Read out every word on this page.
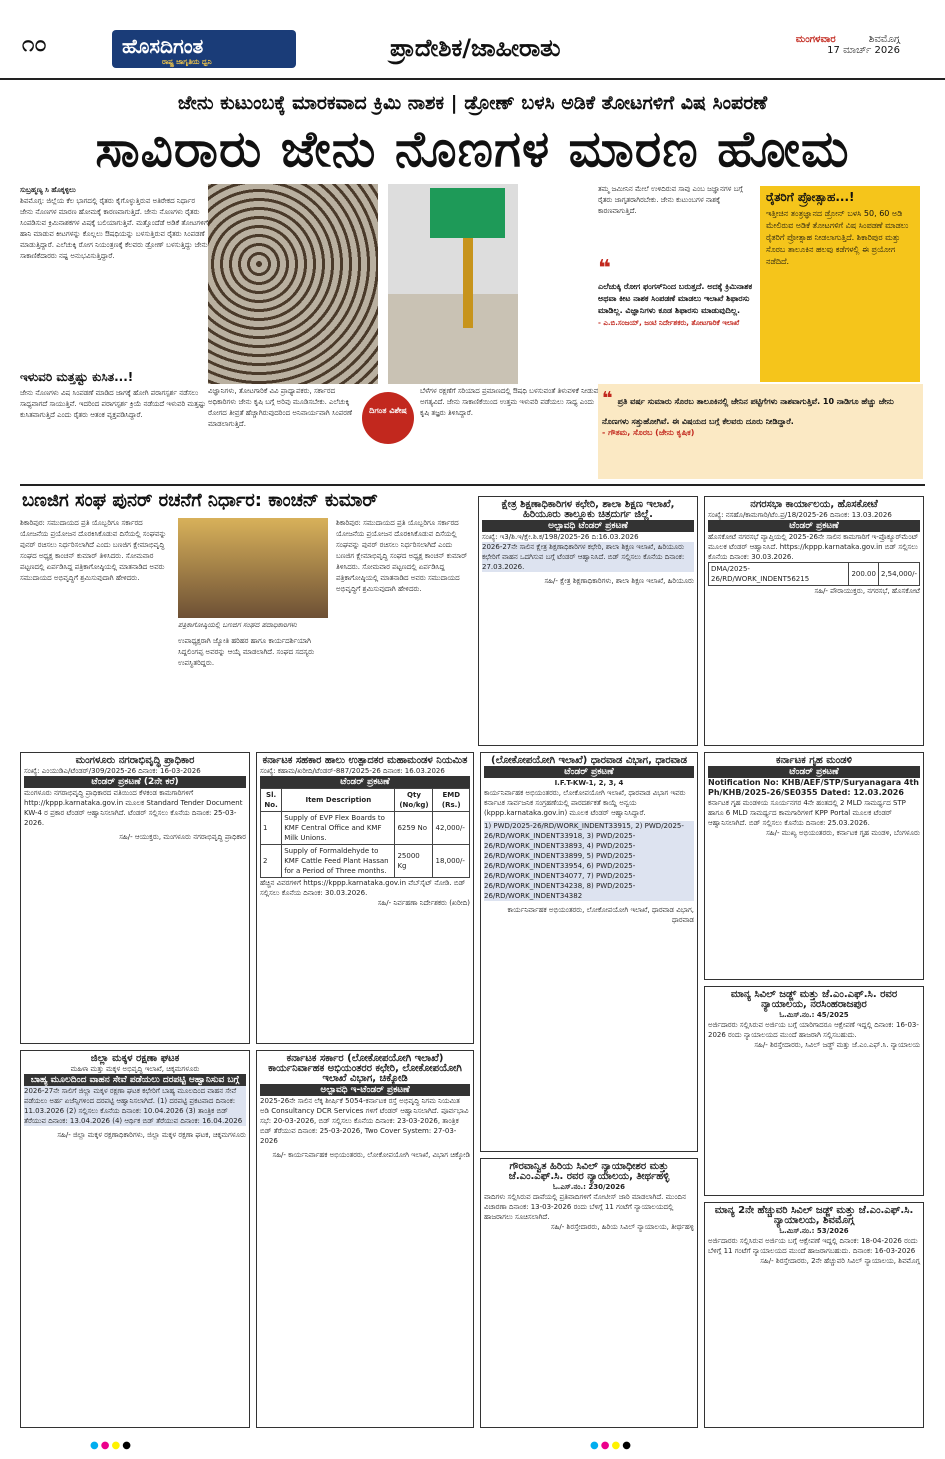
೧೦	ಹೊಸದಿಗಂತ
ರಾಷ್ಟ್ರ ಜಾಗೃತಿಯ ಧ್ವನಿ	ಪ್ರಾದೇಶಿಕ/ಜಾಹೀರಾತು	ಮಂಗಳವಾರ	ಶಿವಮೊಗ್ಗ
17 ಮಾರ್ಚ್ 2026
ಜೇನು ಕುಟುಂಬಕ್ಕೆ ಮಾರಕವಾದ ಕ್ರಿಮಿ ನಾಶಕ | ಡ್ರೋಣ್ ಬಳಸಿ ಅಡಿಕೆ ತೋಟಗಳಿಗೆ ವಿಷ ಸಿಂಪರಣೆ
ಸಾವಿರಾರು ಜೇನು ನೊಣಗಳ ಮಾರಣ ಹೋಮ
ಸುಬ್ರಹ್ಮಣ್ಯ ಸಿ ಹೊಕ್ಕಳ್ಳಿಲು
ಶಿವಮೊಗ್ಗ: ಜಿಲ್ಲೆಯ ಕೆಲ ಭಾಗದಲ್ಲಿ ರೈತರು ಕೈಗೊಳ್ಳುತ್ತಿರುವ ಅತಿರೇಕದ ನಿರ್ಧಾರ ಜೇನು ನೊಣಗಳ ಮಾರಣ ಹೋಮಕ್ಕೆ ಕಾರಣವಾಗುತ್ತಿದೆ. ಜೇನು ನೊಣಗಳು ರೈತರು ಸಿಂಪಡಿಸುವ ಕ್ರಿಮಿನಾಶಕಗಳ ವಿಷಕ್ಕೆ ಬಲಿಯಾಗುತ್ತಿವೆ. ಮತ್ತೊಂದೆಡೆ ಅಡಿಕೆ ತೋಟಗಳಿಗೆ ಹಾನಿ ಮಾಡುವ ಕೀಟಗಳನ್ನು ಕೊಲ್ಲಲು ಔಷಧಿಯನ್ನು ಬಳಸುತ್ತಿರುವ ರೈತರು ಸಿಂಪಡಣೆ ಮಾಡುತ್ತಿದ್ದಾರೆ. ಎಲೆಚುಕ್ಕಿ ರೋಗ ನಿಯಂತ್ರಣಕ್ಕೆ ಕೆಲವರು ಡ್ರೋಣ್ ಬಳಸುತ್ತಿದ್ದು ಜೇನು ಸಾಕಾಣಿಕೆದಾರರು ನಷ್ಟ ಅನುಭವಿಸುತ್ತಿದ್ದಾರೆ.
ಇಳುವರಿ ಮತ್ತಷ್ಟು ಕುಸಿತ...!
ಜೇನು ನೊಣಗಳು ವಿಷ ಸಿಂಪಡಣೆ ಮಾಡಿದ ಜಾಗಕ್ಕೆ ಹೋಗಿ ಪರಾಗಸ್ಪರ್ಶ ನಡೆಸಲು ಸಾಧ್ಯವಾಗದೆ ಸಾಯುತ್ತಿವೆ. ಇದರಿಂದ ಪರಾಗಸ್ಪರ್ಶ ಕ್ರಿಯೆ ನಡೆಯದೆ ಇಳುವರಿ ಮತ್ತಷ್ಟು ಕುಸಿತವಾಗುತ್ತಿದೆ ಎಂದು ರೈತರು ಆತಂಕ ವ್ಯಕ್ತಪಡಿಸಿದ್ದಾರೆ.
ವಿಜ್ಞಾನಿಗಳು, ತೋಟಗಾರಿಕೆ ವಿವಿ ಪ್ರಾಧ್ಯಾಪಕರು, ಸರ್ಕಾರದ ಅಧಿಕಾರಿಗಳು ಜೇನು ಕೃಷಿ ಬಗ್ಗೆ ಅರಿವು ಮೂಡಿಸಬೇಕು. ಎಲೆಚುಕ್ಕಿ ರೋಗದ ತೀವ್ರತೆ ಹೆಚ್ಚಾಗಿರುವುದರಿಂದ ಅನಿವಾರ್ಯವಾಗಿ ಸಿಂಪರಣೆ ಮಾಡಲಾಗುತ್ತಿದೆ.
ದಿಗಂತ ವಿಶೇಷ
ಬೆಳೆಗಳ ರಕ್ಷಣೆಗೆ ಸರಿಯಾದ ಪ್ರಮಾಣದಲ್ಲಿ ಔಷಧಿ ಬಳಸುವಂತೆ ತಿಳುವಳಿಕೆ ನೀಡುವ ಅಗತ್ಯವಿದೆ. ಜೇನು ಸಾಕಾಣಿಕೆಯಿಂದ ಉತ್ತಮ ಇಳುವರಿ ಪಡೆಯಲು ಸಾಧ್ಯ ಎಂದು ಕೃಷಿ ತಜ್ಞರು ತಿಳಿಸಿದ್ದಾರೆ.
ತಮ್ಮ ಜಮೀನಿನ ಮೇಲೆ ಉಳಿದಿರುವ ಸಾವು ಎಂಬ ಜಜ್ಞಾನಗಳ ಬಗ್ಗೆ ರೈತರು ಜಾಗೃತರಾಗಿರಬೇಕು. ಜೇನು ಕುಟುಂಬಗಳ ನಾಶಕ್ಕೆ ಕಾರಣವಾಗುತ್ತಿದೆ.
❝
ಎಲೆಚುಕ್ಕಿ ರೋಗ ಫಂಗಸ್‌ನಿಂದ ಬರುತ್ತದೆ. ಅದಕ್ಕೆ ಕ್ರಿಮಿನಾಶಕ ಅಥವಾ ಕೀಟ ನಾಶಕ ಸಿಂಪಡಣೆ ಮಾಡಲು ಇಲಾಖೆ ಶಿಫಾರಸು ಮಾಡಿಲ್ಲ. ವಿಜ್ಞಾನಿಗಳು ಕೂಡ ಶಿಫಾರಸು ಮಾಡುವುದಿಲ್ಲ.
- ಎ.ಬಿ.ಸಂಜಯ್, ಜಂಟಿ ನಿರ್ದೇಶಕರು, ತೋಟಗಾರಿಕೆ ಇಲಾಖೆ
ರೈತರಿಗೆ ಪ್ರೋತ್ಸಾಹ...!
ಇತ್ತೀಚಿನ ತಂತ್ರಜ್ಞಾನದ ಡ್ರೋನ್ ಬಳಸಿ 50, 60 ಅಡಿ ಮೇಲಿರುವ ಅಡಿಕೆ ತೋಟಗಳಿಗೆ ವಿಷ ಸಿಂಪಡಣೆ ಮಾಡಲು ರೈತರಿಗೆ ಪ್ರೋತ್ಸಾಹ ನೀಡಲಾಗುತ್ತಿದೆ. ಶಿಕಾರಿಪುರ ಮತ್ತು ಸೊರಬ ತಾಲೂಕಿನ ಹಲವು ಕಡೆಗಳಲ್ಲಿ ಈ ಪ್ರಯೋಗ ನಡೆದಿದೆ.
❝ ಪ್ರತಿ ವರ್ಷ ಸುಮಾರು ಸೊರಬ ತಾಲೂಕಿನಲ್ಲಿ ಜೇನಿನ ಪಟ್ಟಿಗೆಗಳು ನಾಶವಾಗುತ್ತಿವೆ. 10 ನಾಡಿಗೂ ಹೆಚ್ಚು ಜೇನು ನೊಣಗಳು ಸತ್ತುಹೋಗಿವೆ. ಈ ವಿಷಯದ ಬಗ್ಗೆ ಕೆಲವರು ದೂರು ನೀಡಿದ್ದಾರೆ.
- ಗೌತಮ, ಸೊರಬ (ಜೇನು ಕೃಷಿಕ)
ಬಣಜಿಗ ಸಂಘ ಪುನರ್ ರಚನೆಗೆ ನಿರ್ಧಾರ: ಕಾಂಚನ್ ಕುಮಾರ್
ಶಿಕಾರಿಪುರ: ಸಮುದಾಯದ ಪ್ರತಿ ಯೊಬ್ಬರಿಗೂ ಸರ್ಕಾರದ ಯೋಜನೆಯ ಪ್ರಯೋಜನ ದೊರಕಿಸಿಕೊಡುವ ದಿಸೆಯಲ್ಲಿ ಸಂಘವನ್ನು ಪುನರ್ ರಚಿಸಲು ನಿರ್ಧರಿಸಲಾಗಿದೆ ಎಂದು ಬಣಜಿಗ ಕ್ಷೇಮಾಭಿವೃದ್ಧಿ ಸಂಘದ ಅಧ್ಯಕ್ಷ ಕಾಂಚನ್ ಕುಮಾರ್ ತಿಳಿಸಿದರು. ಸೋಮವಾರ ಪಟ್ಟಣದಲ್ಲಿ ಏರ್ಪಡಿಸಿದ್ದ ಪತ್ರಿಕಾಗೋಷ್ಠಿಯಲ್ಲಿ ಮಾತನಾಡಿದ ಅವರು ಸಮುದಾಯದ ಅಭಿವೃದ್ಧಿಗೆ ಶ್ರಮಿಸುವುದಾಗಿ ಹೇಳಿದರು.
ಪತ್ರಿಕಾಗೋಷ್ಠಿಯಲ್ಲಿ ಬಣಜಿಗ ಸಂಘದ ಪದಾಧಿಕಾರಿಗಳು
ಉಪಾಧ್ಯಕ್ಷರಾಗಿ ಜ್ಯೋತಿ ಹರಿಹರ ಹಾಗೂ ಕಾರ್ಯದರ್ಶಿಯಾಗಿ ಸಿದ್ದಲಿಂಗಪ್ಪ ಅವರನ್ನು ಆಯ್ಕೆ ಮಾಡಲಾಗಿದೆ. ಸಂಘದ ಸದಸ್ಯರು ಉಪಸ್ಥಿತರಿದ್ದರು.
ಶಿಕಾರಿಪುರ: ಸಮುದಾಯದ ಪ್ರತಿ ಯೊಬ್ಬರಿಗೂ ಸರ್ಕಾರದ ಯೋಜನೆಯ ಪ್ರಯೋಜನ ದೊರಕಿಸಿಕೊಡುವ ದಿಸೆಯಲ್ಲಿ ಸಂಘವನ್ನು ಪುನರ್ ರಚಿಸಲು ನಿರ್ಧರಿಸಲಾಗಿದೆ ಎಂದು ಬಣಜಿಗ ಕ್ಷೇಮಾಭಿವೃದ್ಧಿ ಸಂಘದ ಅಧ್ಯಕ್ಷ ಕಾಂಚನ್ ಕುಮಾರ್ ತಿಳಿಸಿದರು. ಸೋಮವಾರ ಪಟ್ಟಣದಲ್ಲಿ ಏರ್ಪಡಿಸಿದ್ದ ಪತ್ರಿಕಾಗೋಷ್ಠಿಯಲ್ಲಿ ಮಾತನಾಡಿದ ಅವರು ಸಮುದಾಯದ ಅಭಿವೃದ್ಧಿಗೆ ಶ್ರಮಿಸುವುದಾಗಿ ಹೇಳಿದರು.
ಕ್ಷೇತ್ರ ಶಿಕ್ಷಣಾಧಿಕಾರಿಗಳ ಕಛೇರಿ, ಶಾಲಾ ಶಿಕ್ಷಣ ಇಲಾಖೆ, ಹಿರಿಯೂರು ತಾಲ್ಲೂಕು ಚಿತ್ರದುರ್ಗ ಜಿಲ್ಲೆ.
ಅಲ್ಪಾವಧಿ ಟೆಂಡರ್ ಪ್ರಕಟಣೆ
ಸಂಖ್ಯೆ: ಇ3/ಶಿ.ಇ/ಕ್ಷೇ.ಶಿ.ಕ/198/2025-26 ದಿ:16.03.2026
2026-27ನೇ ಸಾಲಿನ ಕ್ಷೇತ್ರ ಶಿಕ್ಷಣಾಧಿಕಾರಿಗಳ ಕಛೇರಿ, ಶಾಲಾ ಶಿಕ್ಷಣ ಇಲಾಖೆ, ಹಿರಿಯೂರು ಕಛೇರಿಗೆ ವಾಹನ ಒದಗಿಸುವ ಬಗ್ಗೆ ಟೆಂಡರ್ ಆಹ್ವಾನಿಸಿದೆ. ಬಿಡ್ ಸಲ್ಲಿಸಲು ಕೊನೆಯ ದಿನಾಂಕ: 27.03.2026.
ಸಹಿ/- ಕ್ಷೇತ್ರ ಶಿಕ್ಷಣಾಧಿಕಾರಿಗಳು, ಶಾಲಾ ಶಿಕ್ಷಣ ಇಲಾಖೆ, ಹಿರಿಯೂರು
ನಗರಸಭಾ ಕಾರ್ಯಾಲಯ, ಹೊಸಕೋಟೆ
ಸಂಖ್ಯೆ: ನಸಹೊ/ಕಾಮಗಾರಿ/ಟೆಂ.ಪ್ರ/18/2025-26 ದಿನಾಂಕ: 13.03.2026
ಟೆಂಡರ್ ಪ್ರಕಟಣೆ
ಹೊಸಕೋಟೆ ನಗರಸಭೆ ವ್ಯಾಪ್ತಿಯಲ್ಲಿ 2025-26ನೇ ಸಾಲಿನ ಕಾಮಗಾರಿಗೆ ಇ-ಪ್ರೊಕ್ಯೂರ್‌ಮೆಂಟ್ ಮೂಲಕ ಟೆಂಡರ್ ಆಹ್ವಾನಿಸಿದೆ. https://kppp.karnataka.gov.in ಬಿಡ್ ಸಲ್ಲಿಸಲು ಕೊನೆಯ ದಿನಾಂಕ: 30.03.2026.
DMA/2025-26/RD/WORK_INDENT56215	200.00	2,54,000/-
ಸಹಿ/- ಪೌರಾಯುಕ್ತರು, ನಗರಸಭೆ, ಹೊಸಕೋಟೆ
ಮಂಗಳೂರು ನಗರಾಭಿವೃದ್ಧಿ ಪ್ರಾಧಿಕಾರ
ಸಂಖ್ಯೆ: ಎಂಯುಡಿಎ/ಟೆಂಡರ್/309/2025-26 ದಿನಾಂಕ: 16-03-2026
ಟೆಂಡರ್ ಪ್ರಕಟಣೆ (2ನೇ ಕರೆ)
ಮಂಗಳೂರು ನಗರಾಭಿವೃದ್ಧಿ ಪ್ರಾಧಿಕಾರದ ವತಿಯಿಂದ ಕೆಳಕಂಡ ಕಾಮಗಾರಿಗಳಿಗೆ http://kppp.karnataka.gov.in ಮೂಲಕ Standard Tender Document KW-4 ರ ಪ್ರಕಾರ ಟೆಂಡರ್ ಆಹ್ವಾನಿಸಲಾಗಿದೆ. ಟೆಂಡರ್ ಸಲ್ಲಿಸಲು ಕೊನೆಯ ದಿನಾಂಕ: 25-03-2026.
ಸಹಿ/- ಆಯುಕ್ತರು, ಮಂಗಳೂರು ನಗರಾಭಿವೃದ್ಧಿ ಪ್ರಾಧಿಕಾರ
ಕರ್ನಾಟಕ ಸಹಕಾರ ಹಾಲು ಉತ್ಪಾದಕರ ಮಹಾಮಂಡಳ ನಿಯಮಿತ
ಸಂಖ್ಯೆ: ಕಹಾಮ/ಖರೀದಿ/ಟೆಂಡರ್-887/2025-26 ದಿನಾಂಕ: 16.03.2026
ಟೆಂಡರ್ ಪ್ರಕಟಣೆ
Sl. No.	Item Description	Qty (No/kg)	EMD (Rs.)
1	Supply of EVP Flex Boards to KMF Central Office and KMF Milk Unions.	6259 No	42,000/-
2	Supply of Formaldehyde to KMF Cattle Feed Plant Hassan for a Period of Three months.	25000 Kg	18,000/-
ಹೆಚ್ಚಿನ ವಿವರಗಳಿಗೆ https://kppp.karnataka.gov.in ವೆಬ್‌ಸೈಟ್ ನೋಡಿ. ಬಿಡ್ ಸಲ್ಲಿಸಲು ಕೊನೆಯ ದಿನಾಂಕ: 30.03.2026.
ಸಹಿ/- ನಿರ್ವಹಣಾ ನಿರ್ದೇಶಕರು (ಖರೀದಿ)
(ಲೋಕೋಪಯೋಗಿ ಇಲಾಖೆ) ಧಾರವಾಡ ವಿಭಾಗ, ಧಾರವಾಡ
ಟೆಂಡರ್ ಪ್ರಕಟಣೆ
I.F.T-KW-1, 2, 3, 4
ಕಾರ್ಯನಿರ್ವಾಹಕ ಅಭಿಯಂತರರು, ಲೋಕೋಪಯೋಗಿ ಇಲಾಖೆ, ಧಾರವಾಡ ವಿಭಾಗ ಇವರು ಕರ್ನಾಟಕ ಸಾರ್ವಜನಿಕ ಸಂಗ್ರಹಣೆಯಲ್ಲಿ ಪಾರದರ್ಶಕತೆ ಕಾಯ್ದೆ ಅನ್ವಯ (kppp.karnataka.gov.in) ಮೂಲಕ ಟೆಂಡರ್ ಆಹ್ವಾನಿಸಿದ್ದಾರೆ.
1) PWD/2025-26/RD/WORK_INDENT33915, 2) PWD/2025-26/RD/WORK_INDENT33918, 3) PWD/2025-26/RD/WORK_INDENT33893, 4) PWD/2025-26/RD/WORK_INDENT33899, 5) PWD/2025-26/RD/WORK_INDENT33954, 6) PWD/2025-26/RD/WORK_INDENT34077, 7) PWD/2025-26/RD/WORK_INDENT34238, 8) PWD/2025-26/RD/WORK_INDENT34382
ಕಾರ್ಯನಿರ್ವಾಹಕ ಅಭಿಯಂತರರು, ಲೋಕೋಪಯೋಗಿ ಇಲಾಖೆ, ಧಾರವಾಡ ವಿಭಾಗ, ಧಾರವಾಡ
ಕರ್ನಾಟಕ ಗೃಹ ಮಂಡಳಿ
ಟೆಂಡರ್ ಪ್ರಕಟಣೆ
Notification No: KHB/AEF/STP/Suryanagara 4th Ph/KHB/2025-26/SE0355 Dated: 12.03.2026
ಕರ್ನಾಟಕ ಗೃಹ ಮಂಡಳಿಯ ಸೂರ್ಯನಗರ 4ನೇ ಹಂತದಲ್ಲಿ 2 MLD ಸಾಮರ್ಥ್ಯದ STP ಹಾಗೂ 6 MLD ಸಾಮರ್ಥ್ಯದ ಕಾಮಗಾರಿಗಳಿಗೆ KPP Portal ಮೂಲಕ ಟೆಂಡರ್ ಆಹ್ವಾನಿಸಲಾಗಿದೆ. ಬಿಡ್ ಸಲ್ಲಿಸಲು ಕೊನೆಯ ದಿನಾಂಕ: 25.03.2026.
ಸಹಿ/- ಮುಖ್ಯ ಅಭಿಯಂತರರು, ಕರ್ನಾಟಕ ಗೃಹ ಮಂಡಳಿ, ಬೆಂಗಳೂರು
ಮಾನ್ಯ ಸಿವಿಲ್ ಜಡ್ಜ್ ಮತ್ತು ಜೆ.ಎಂ.ಎಫ್.ಸಿ. ರವರ ನ್ಯಾಯಾಲಯ, ನರಸಿಂಹರಾಜಪುರ
ಓ.ಮಿಸ್.ನಂ.: 45/2025
ಅರ್ಜಿದಾರರು ಸಲ್ಲಿಸಿರುವ ಅರ್ಜಿಯ ಬಗ್ಗೆ ಯಾರಿಗಾದರೂ ಆಕ್ಷೇಪಣೆ ಇದ್ದಲ್ಲಿ ದಿನಾಂಕ: 16-03-2026 ರಂದು ನ್ಯಾಯಾಲಯದ ಮುಂದೆ ಹಾಜರಾಗಿ ಸಲ್ಲಿಸಬಹುದು.
ಸಹಿ/- ಶಿರಸ್ತೇದಾರರು, ಸಿವಿಲ್ ಜಡ್ಜ್ ಮತ್ತು ಜೆ.ಎಂ.ಎಫ್.ಸಿ. ನ್ಯಾಯಾಲಯ
ಜಿಲ್ಲಾ ಮಕ್ಕಳ ರಕ್ಷಣಾ ಘಟಕ
ಮಹಿಳಾ ಮತ್ತು ಮಕ್ಕಳ ಅಭಿವೃದ್ಧಿ ಇಲಾಖೆ, ಚಿಕ್ಕಮಗಳೂರು
ಬಾಹ್ಯ ಮೂಲದಿಂದ ವಾಹನ ಸೇವೆ ಪಡೆಯಲು ದರಪಟ್ಟಿ ಆಹ್ವಾನಿಸುವ ಬಗ್ಗೆ
2026-27ನೇ ಸಾಲಿಗೆ ಜಿಲ್ಲಾ ಮಕ್ಕಳ ರಕ್ಷಣಾ ಘಟಕ ಕಛೇರಿಗೆ ಬಾಹ್ಯ ಮೂಲದಿಂದ ವಾಹನ ಸೇವೆ ಪಡೆಯಲು ಅರ್ಹ ಏಜೆನ್ಸಿಗಳಿಂದ ದರಪಟ್ಟಿ ಆಹ್ವಾನಿಸಲಾಗಿದೆ. (1) ದರಪಟ್ಟಿ ಪ್ರಕಟವಾದ ದಿನಾಂಕ: 11.03.2026 (2) ಸಲ್ಲಿಸಲು ಕೊನೆಯ ದಿನಾಂಕ: 10.04.2026 (3) ತಾಂತ್ರಿಕ ಬಿಡ್ ತೆರೆಯುವ ದಿನಾಂಕ: 13.04.2026 (4) ಆರ್ಥಿಕ ಬಿಡ್ ತೆರೆಯುವ ದಿನಾಂಕ: 16.04.2026
ಸಹಿ/- ಜಿಲ್ಲಾ ಮಕ್ಕಳ ರಕ್ಷಣಾಧಿಕಾರಿಗಳು, ಜಿಲ್ಲಾ ಮಕ್ಕಳ ರಕ್ಷಣಾ ಘಟಕ, ಚಿಕ್ಕಮಗಳೂರು
ಕರ್ನಾಟಕ ಸರ್ಕಾರ (ಲೋಕೋಪಯೋಗಿ ಇಲಾಖೆ) ಕಾರ್ಯನಿರ್ವಾಹಕ ಅಭಿಯಂತರರ ಕಛೇರಿ, ಲೋಕೋಪಯೋಗಿ ಇಲಾಖೆ ವಿಭಾಗ, ಚಿಕ್ಕೋಡಿ
ಅಲ್ಪಾವಧಿ ಇ-ಟೆಂಡರ್ ಪ್ರಕಟಣೆ
2025-26ನೇ ಸಾಲಿನ ಲೆಕ್ಕ ಶೀರ್ಷಿಕೆ 5054-ಕರ್ನಾಟಕ ರಸ್ತೆ ಅಭಿವೃದ್ಧಿ ನಿಗಮ ನಿಯಮಿತ ಅಡಿ Consultancy DCR Services ಗಳಿಗೆ ಟೆಂಡರ್ ಆಹ್ವಾನಿಸಲಾಗಿದೆ. ಪೂರ್ವಭಾವಿ ಸಭೆ: 20-03-2026, ಬಿಡ್ ಸಲ್ಲಿಸಲು ಕೊನೆಯ ದಿನಾಂಕ: 23-03-2026, ತಾಂತ್ರಿಕ ಬಿಡ್ ತೆರೆಯುವ ದಿನಾಂಕ: 25-03-2026, Two Cover System: 27-03-2026
ಸಹಿ/- ಕಾರ್ಯನಿರ್ವಾಹಕ ಅಭಿಯಂತರರು, ಲೋಕೋಪಯೋಗಿ ಇಲಾಖೆ, ವಿಭಾಗ ಚಿಕ್ಕೋಡಿ
ಗೌರವಾನ್ವಿತ ಹಿರಿಯ ಸಿವಿಲ್ ನ್ಯಾಯಾಧೀಶರ ಮತ್ತು ಜೆ.ಎಂ.ಎಫ್.ಸಿ. ರವರ ನ್ಯಾಯಾಲಯ, ತೀರ್ಥಹಳ್ಳಿ
ಓ.ಎಸ್.ನಂ.: 230/2026
ವಾದಿಗಳು ಸಲ್ಲಿಸಿರುವ ದಾವೆಯಲ್ಲಿ ಪ್ರತಿವಾದಿಗಳಿಗೆ ನೋಟೀಸ್ ಜಾರಿ ಮಾಡಲಾಗಿದೆ. ಮುಂದಿನ ವಿಚಾರಣಾ ದಿನಾಂಕ: 13-03-2026 ರಂದು ಬೆಳಿಗ್ಗೆ 11 ಗಂಟೆಗೆ ನ್ಯಾಯಾಲಯದಲ್ಲಿ ಹಾಜರಾಗಲು ಸೂಚಿಸಲಾಗಿದೆ.
ಸಹಿ/- ಶಿರಸ್ತೇದಾರರು, ಹಿರಿಯ ಸಿವಿಲ್ ನ್ಯಾಯಾಲಯ, ತೀರ್ಥಹಳ್ಳಿ
ಮಾನ್ಯ 2ನೇ ಹೆಚ್ಚುವರಿ ಸಿವಿಲ್ ಜಡ್ಜ್ ಮತ್ತು ಜೆ.ಎಂ.ಎಫ್.ಸಿ. ನ್ಯಾಯಾಲಯ, ಶಿವಮೊಗ್ಗ
ಓ.ಮಿಸ್.ನಂ.: 53/2026
ಅರ್ಜಿದಾರರು ಸಲ್ಲಿಸಿರುವ ಅರ್ಜಿಯ ಬಗ್ಗೆ ಆಕ್ಷೇಪಣೆ ಇದ್ದಲ್ಲಿ ದಿನಾಂಕ: 18-04-2026 ರಂದು ಬೆಳಿಗ್ಗೆ 11 ಗಂಟೆಗೆ ನ್ಯಾಯಾಲಯದ ಮುಂದೆ ಹಾಜರಾಗಬಹುದು. ದಿನಾಂಕ: 16-03-2026
ಸಹಿ/- ಶಿರಸ್ತೇದಾರರು, 2ನೇ ಹೆಚ್ಚುವರಿ ಸಿವಿಲ್ ನ್ಯಾಯಾಲಯ, ಶಿವಮೊಗ್ಗ
●●●●	●●●●
